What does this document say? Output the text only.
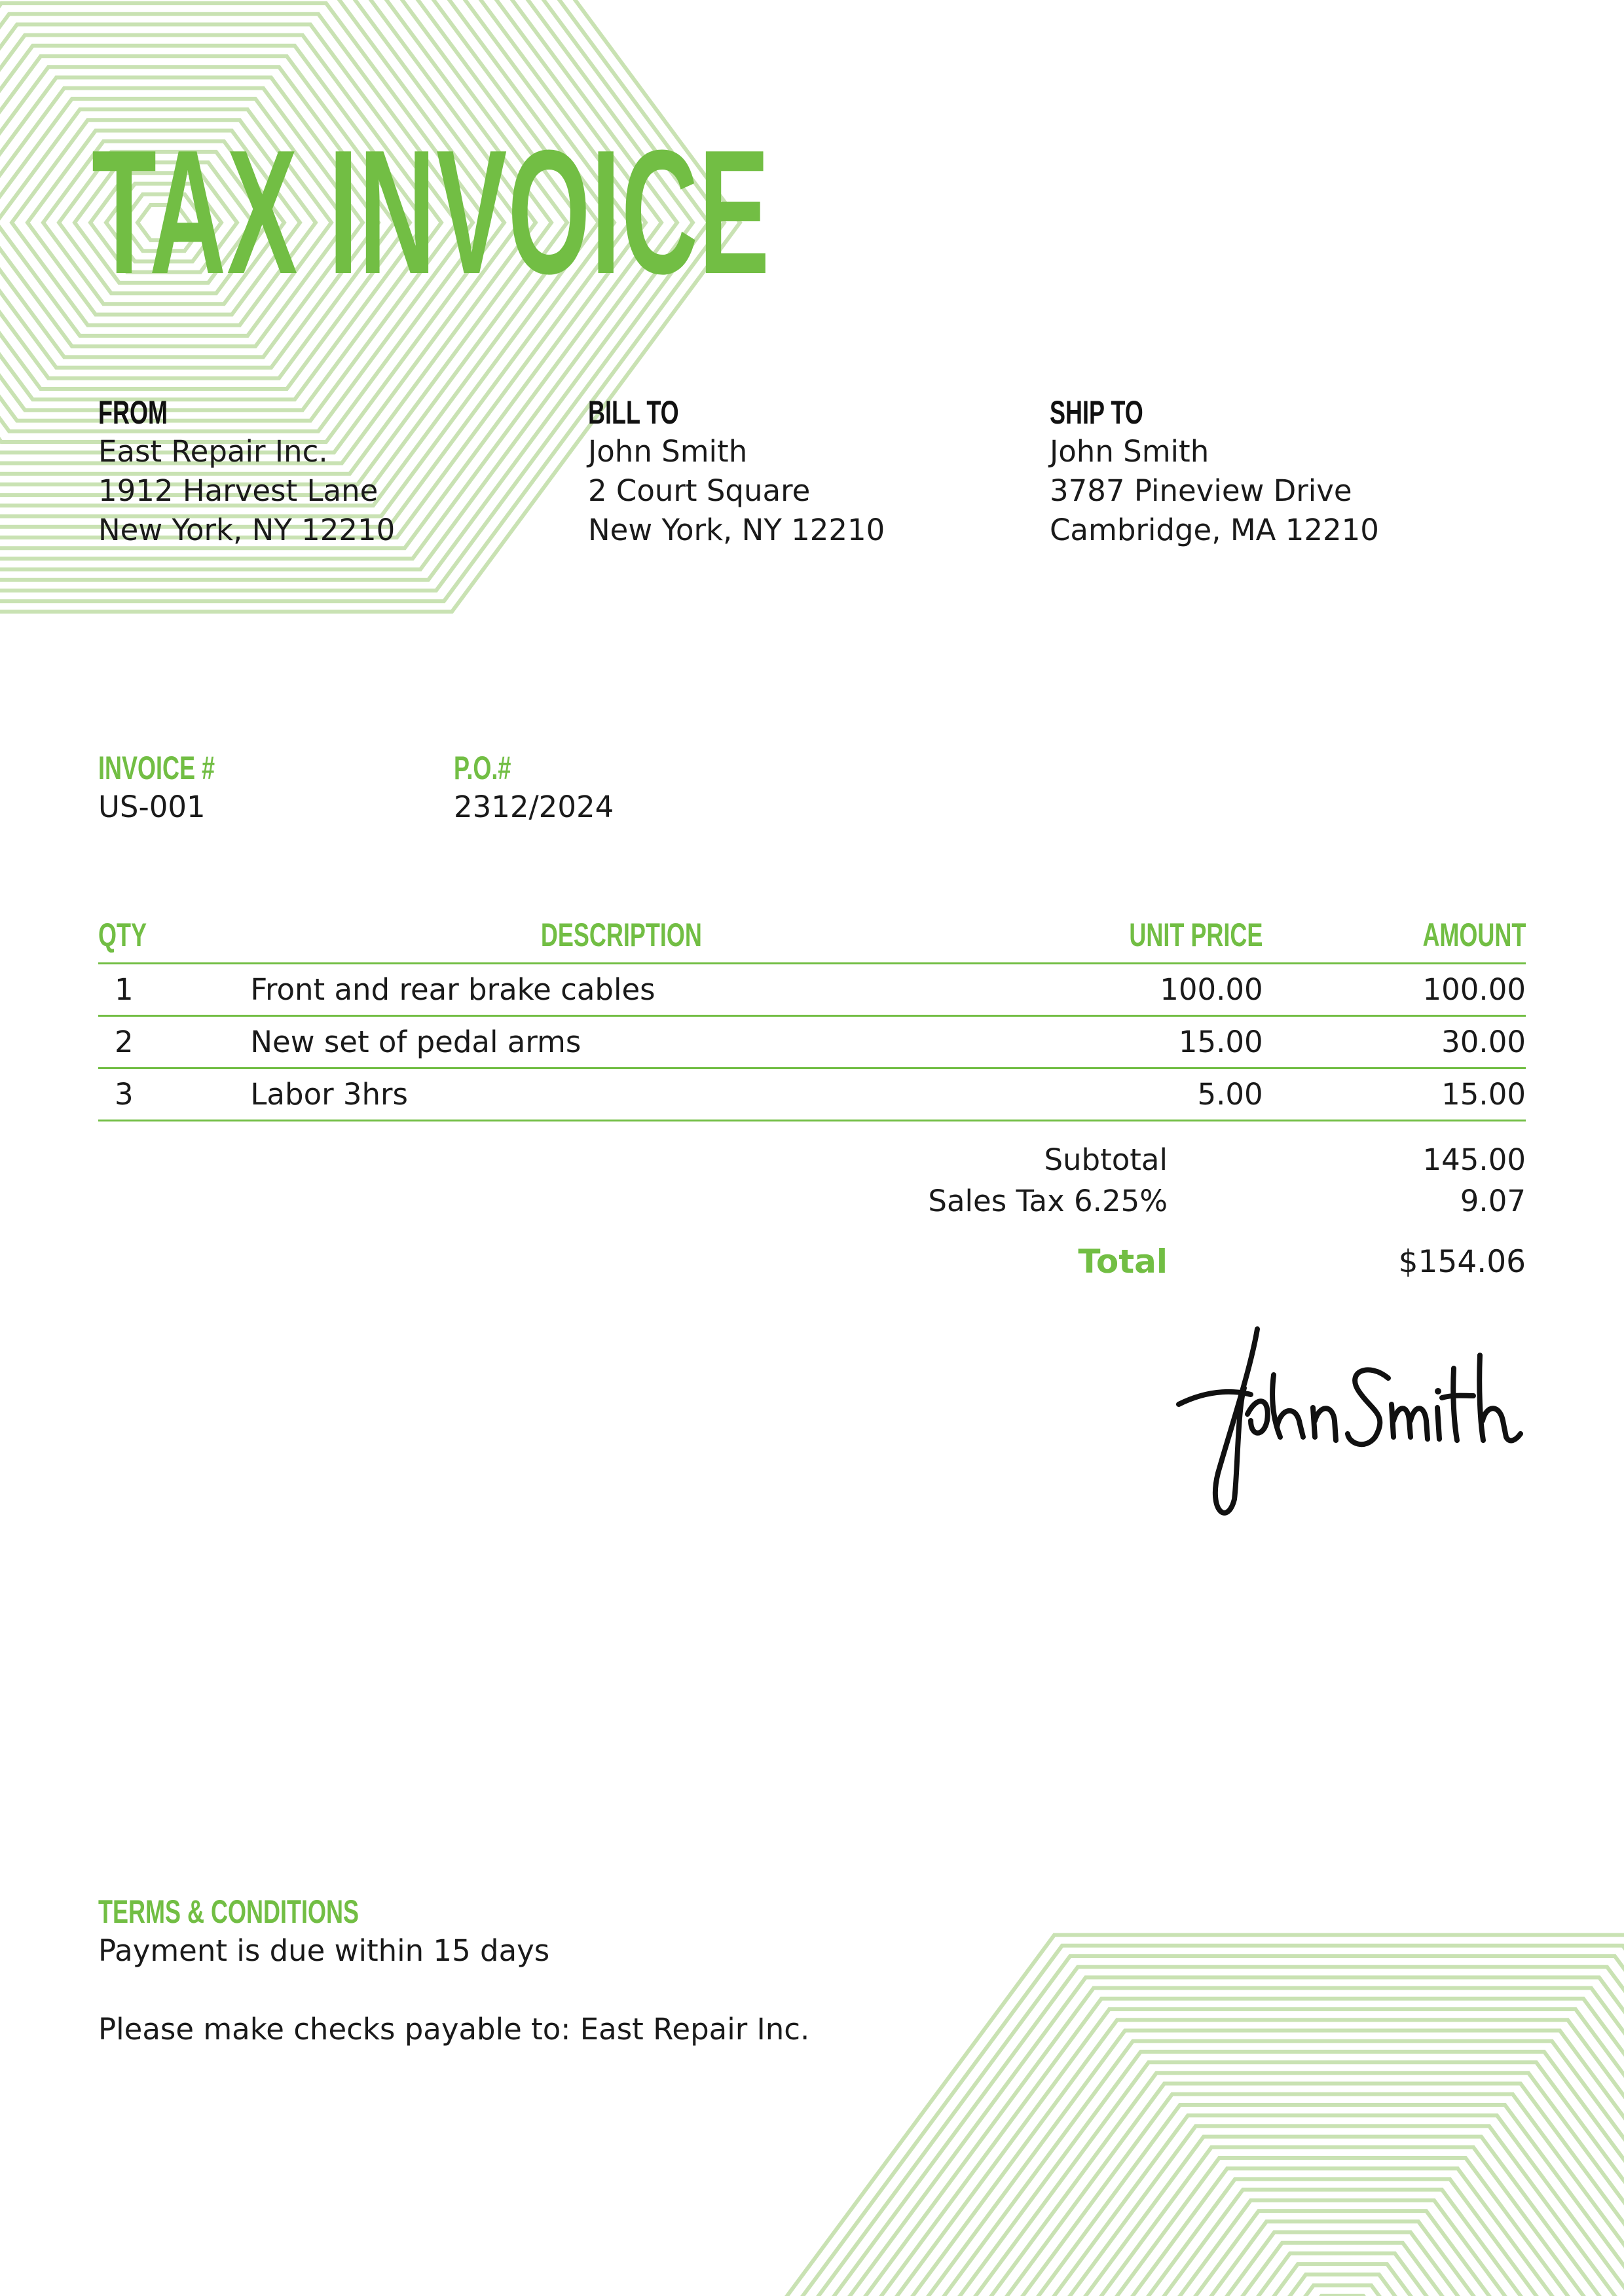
TAX INVOICE
FROM
East Repair Inc.
1912 Harvest Lane
New York, NY 12210
BILL TO
John Smith
2 Court Square
New York, NY 12210
SHIP TO
John Smith
3787 Pineview Drive
Cambridge, MA 12210
INVOICE #
US-001
P.O.#
2312/2024
QTY	DESCRIPTION	UNIT PRICE	AMOUNT
1	Front and rear brake cables	100.00	100.00
2	New set of pedal arms	15.00	30.00
3	Labor 3hrs	5.00	15.00
Subtotal	145.00
Sales Tax 6.25%	9.07
Total	$154.06
TERMS & CONDITIONS
Payment is due within 15 days
Please make checks payable to: East Repair Inc.
